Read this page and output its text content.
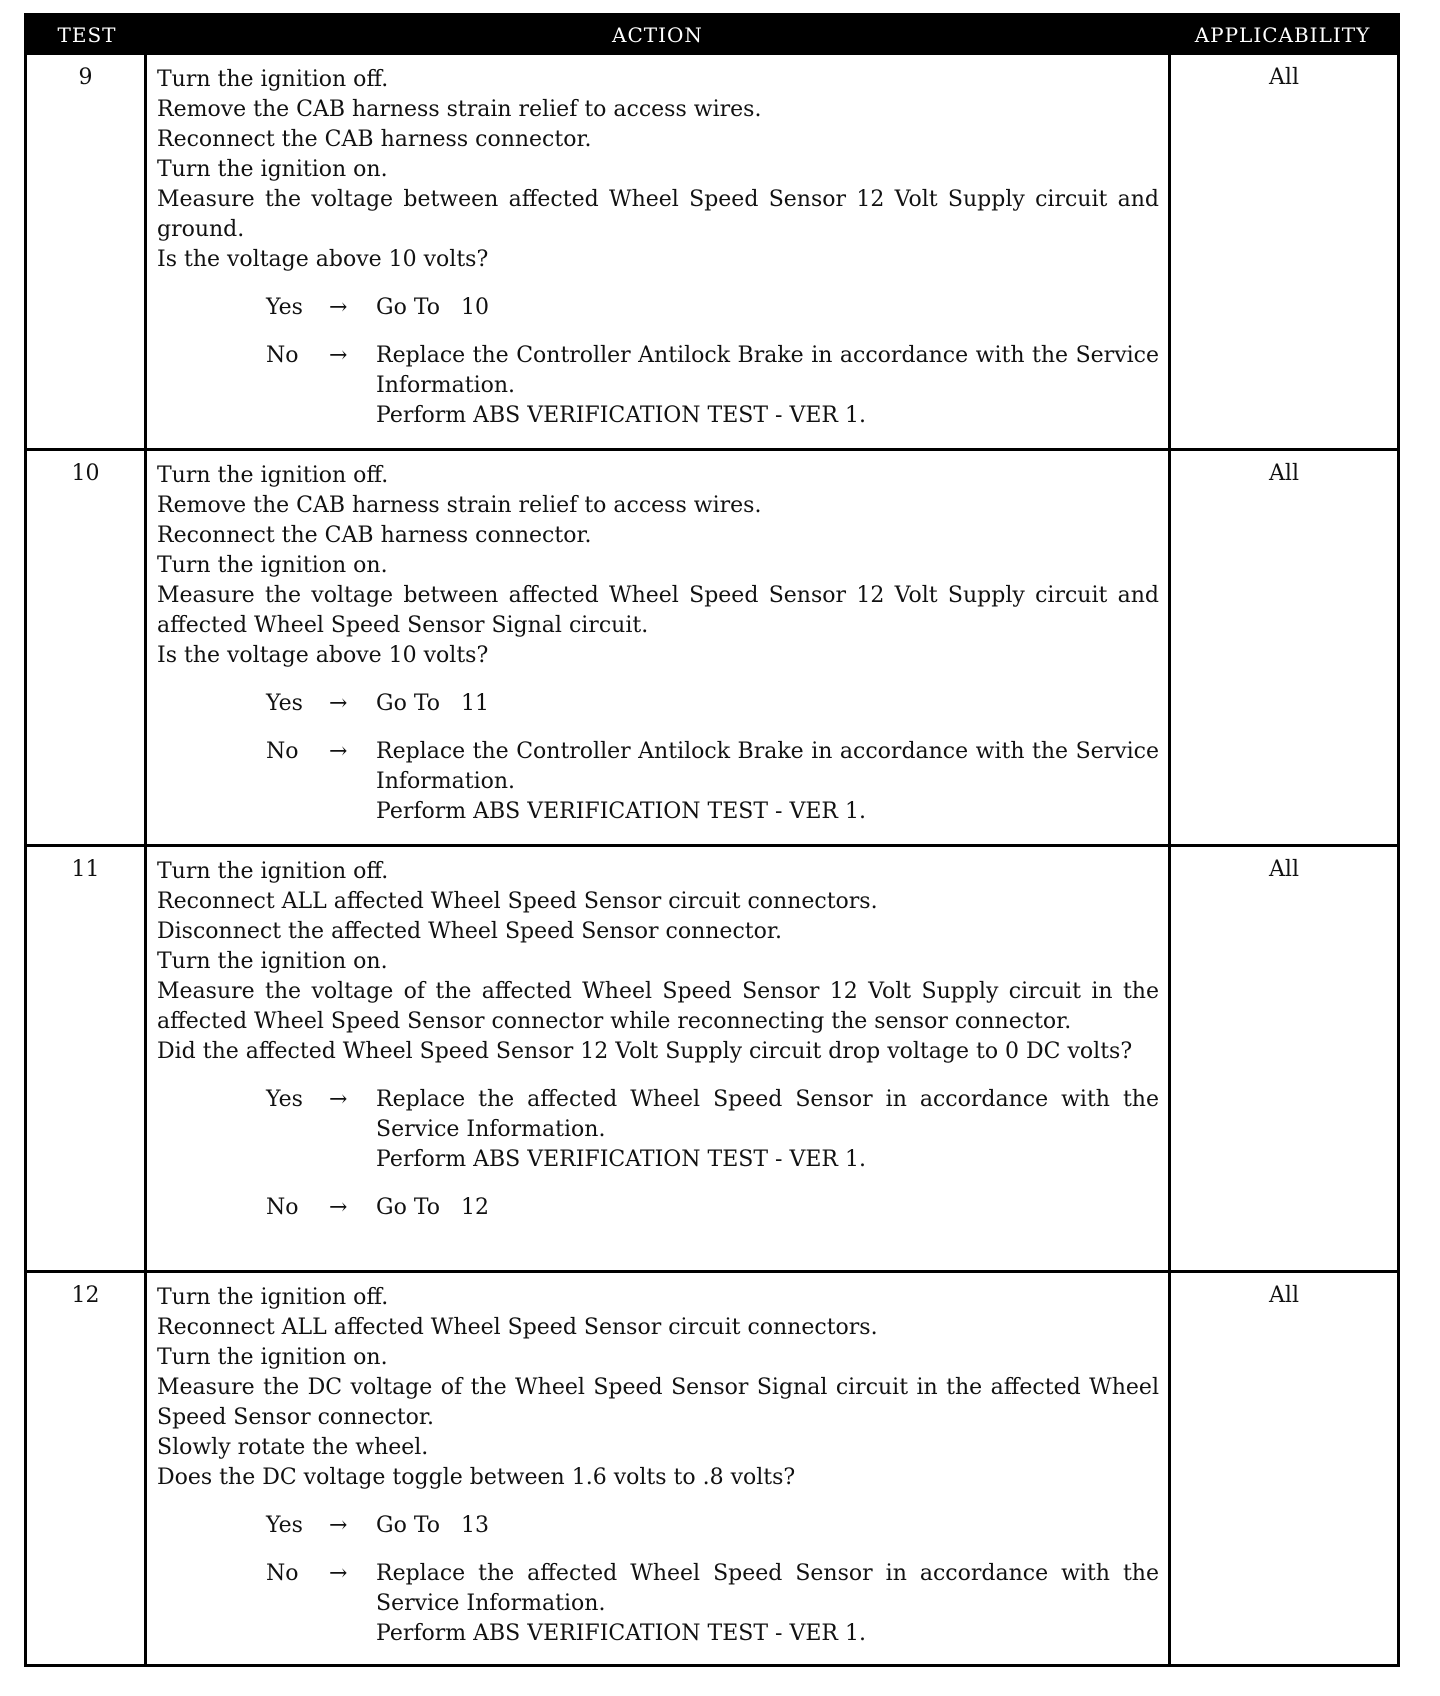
TEST	ACTION	APPLICABILITY
9	Turn the ignition off.
Remove the CAB harness strain relief to access wires.
Reconnect the CAB harness connector.
Turn the ignition on.
Measure the voltage between affected Wheel Speed Sensor 12 Volt Supply circuit and ground.
Is the voltage above 10 volts?
Yes	→	Go To   10
No	→	Replace the Controller Antilock Brake in accordance with the Service Information.
Perform ABS VERIFICATION TEST - VER 1.
All
10	Turn the ignition off.
Remove the CAB harness strain relief to access wires.
Reconnect the CAB harness connector.
Turn the ignition on.
Measure the voltage between affected Wheel Speed Sensor 12 Volt Supply circuit and affected Wheel Speed Sensor Signal circuit.
Is the voltage above 10 volts?
Yes	→	Go To   11
No	→	Replace the Controller Antilock Brake in accordance with the Service Information.
Perform ABS VERIFICATION TEST - VER 1.
All
11	Turn the ignition off.
Reconnect ALL affected Wheel Speed Sensor circuit connectors.
Disconnect the affected Wheel Speed Sensor connector.
Turn the ignition on.
Measure the voltage of the affected Wheel Speed Sensor 12 Volt Supply circuit in the affected Wheel Speed Sensor connector while reconnecting the sensor connector.
Did the affected Wheel Speed Sensor 12 Volt Supply circuit drop voltage to 0 DC volts?
Yes	→	Replace the affected Wheel Speed Sensor in accordance with the Service Information.
Perform ABS VERIFICATION TEST - VER 1.
No	→	Go To   12
All
12	Turn the ignition off.
Reconnect ALL affected Wheel Speed Sensor circuit connectors.
Turn the ignition on.
Measure the DC voltage of the Wheel Speed Sensor Signal circuit in the affected Wheel Speed Sensor connector.
Slowly rotate the wheel.
Does the DC voltage toggle between 1.6 volts to .8 volts?
Yes	→	Go To   13
No	→	Replace the affected Wheel Speed Sensor in accordance with the Service Information.
Perform ABS VERIFICATION TEST - VER 1.
All
